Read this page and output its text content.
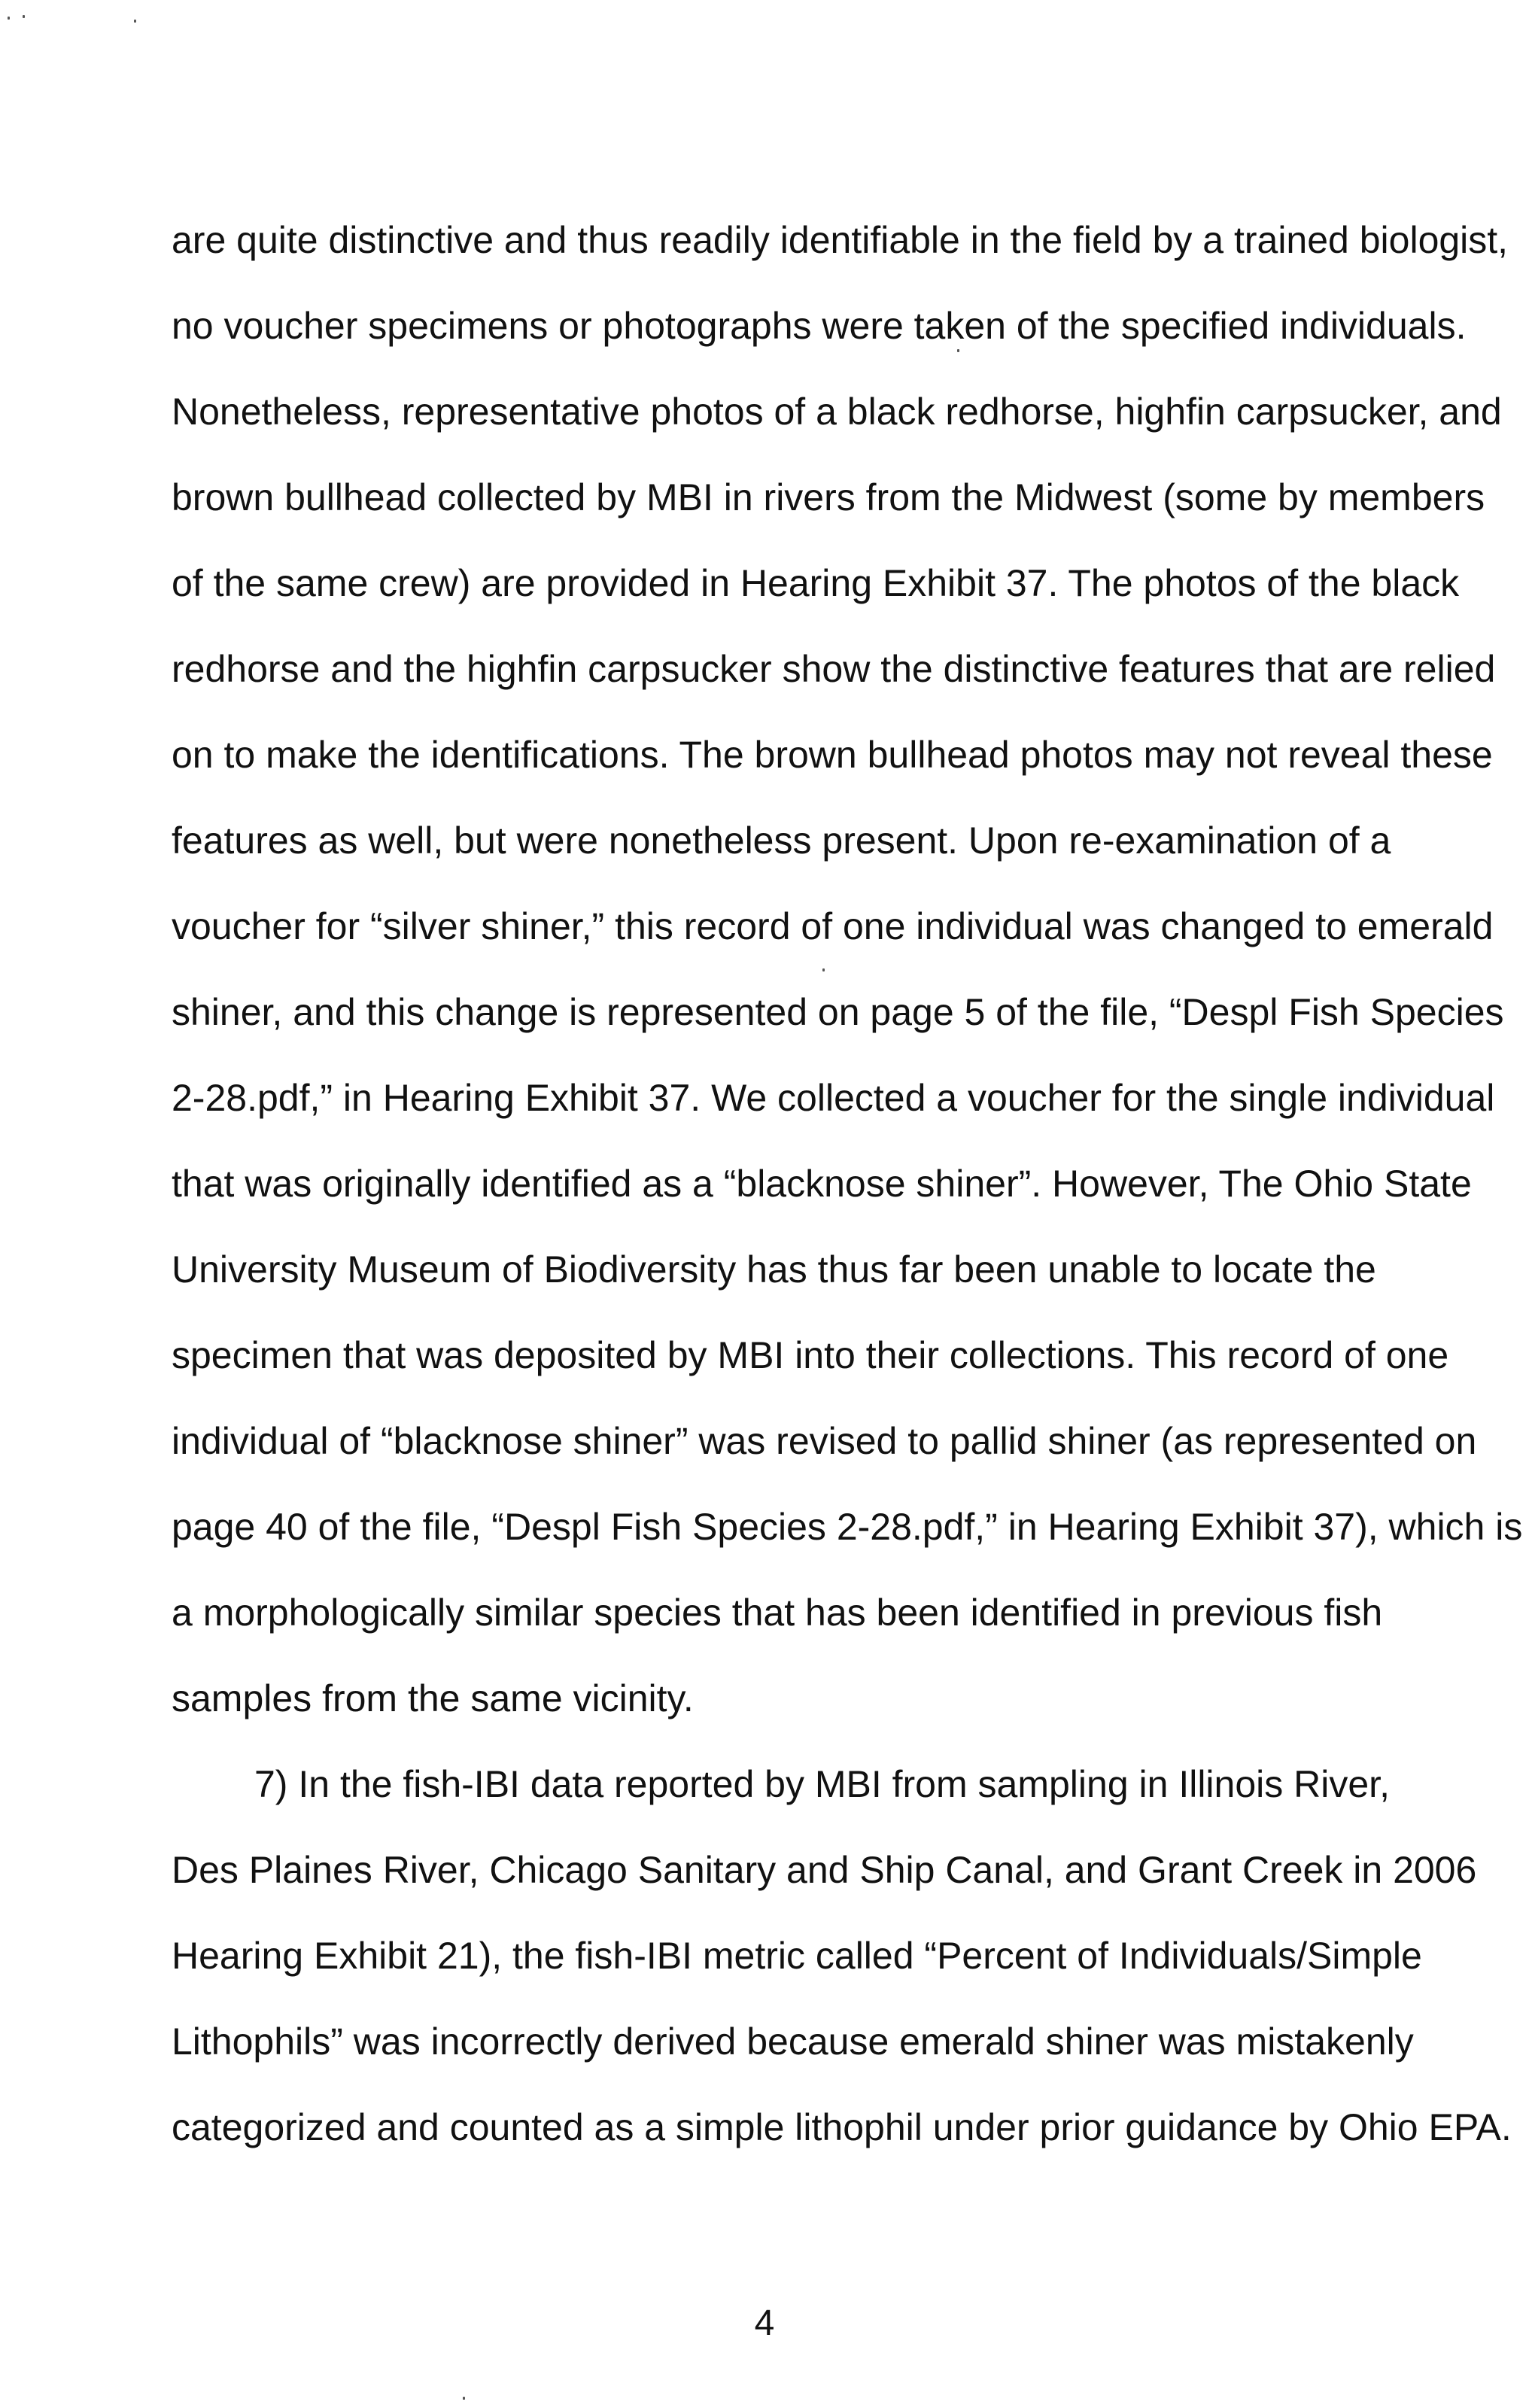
are quite distinctive and thus readily identifiable in the field by a trained biologist,
no voucher specimens or photographs were taken of the specified individuals.
Nonetheless, representative photos of a black redhorse, highfin carpsucker, and
brown bullhead collected by MBI in rivers from the Midwest (some by members
of the same crew) are provided in Hearing Exhibit 37. The photos of the black
redhorse and the highfin carpsucker show the distinctive features that are relied
on to make the identifications. The brown bullhead photos may not reveal these
features as well, but were nonetheless present. Upon re-examination of a
voucher for “silver shiner,” this record of one individual was changed to emerald
shiner, and this change is represented on page 5 of the file, “Despl Fish Species
2-28.pdf,” in Hearing Exhibit 37. We collected a voucher for the single individual
that was originally identified as a “blacknose shiner”. However, The Ohio State
University Museum of Biodiversity has thus far been unable to locate the
specimen that was deposited by MBI into their collections. This record of one
individual of “blacknose shiner” was revised to pallid shiner (as represented on
page 40 of the file, “Despl Fish Species 2-28.pdf,” in Hearing Exhibit 37), which is
a morphologically similar species that has been identified in previous fish
samples from the same vicinity.
7) In the fish-IBI data reported by MBI from sampling in Illinois River,
Des Plaines River, Chicago Sanitary and Ship Canal, and Grant Creek in 2006
Hearing Exhibit 21), the fish-IBI metric called “Percent of Individuals/Simple
Lithophils” was incorrectly derived because emerald shiner was mistakenly
categorized and counted as a simple lithophil under prior guidance by Ohio EPA.
4
